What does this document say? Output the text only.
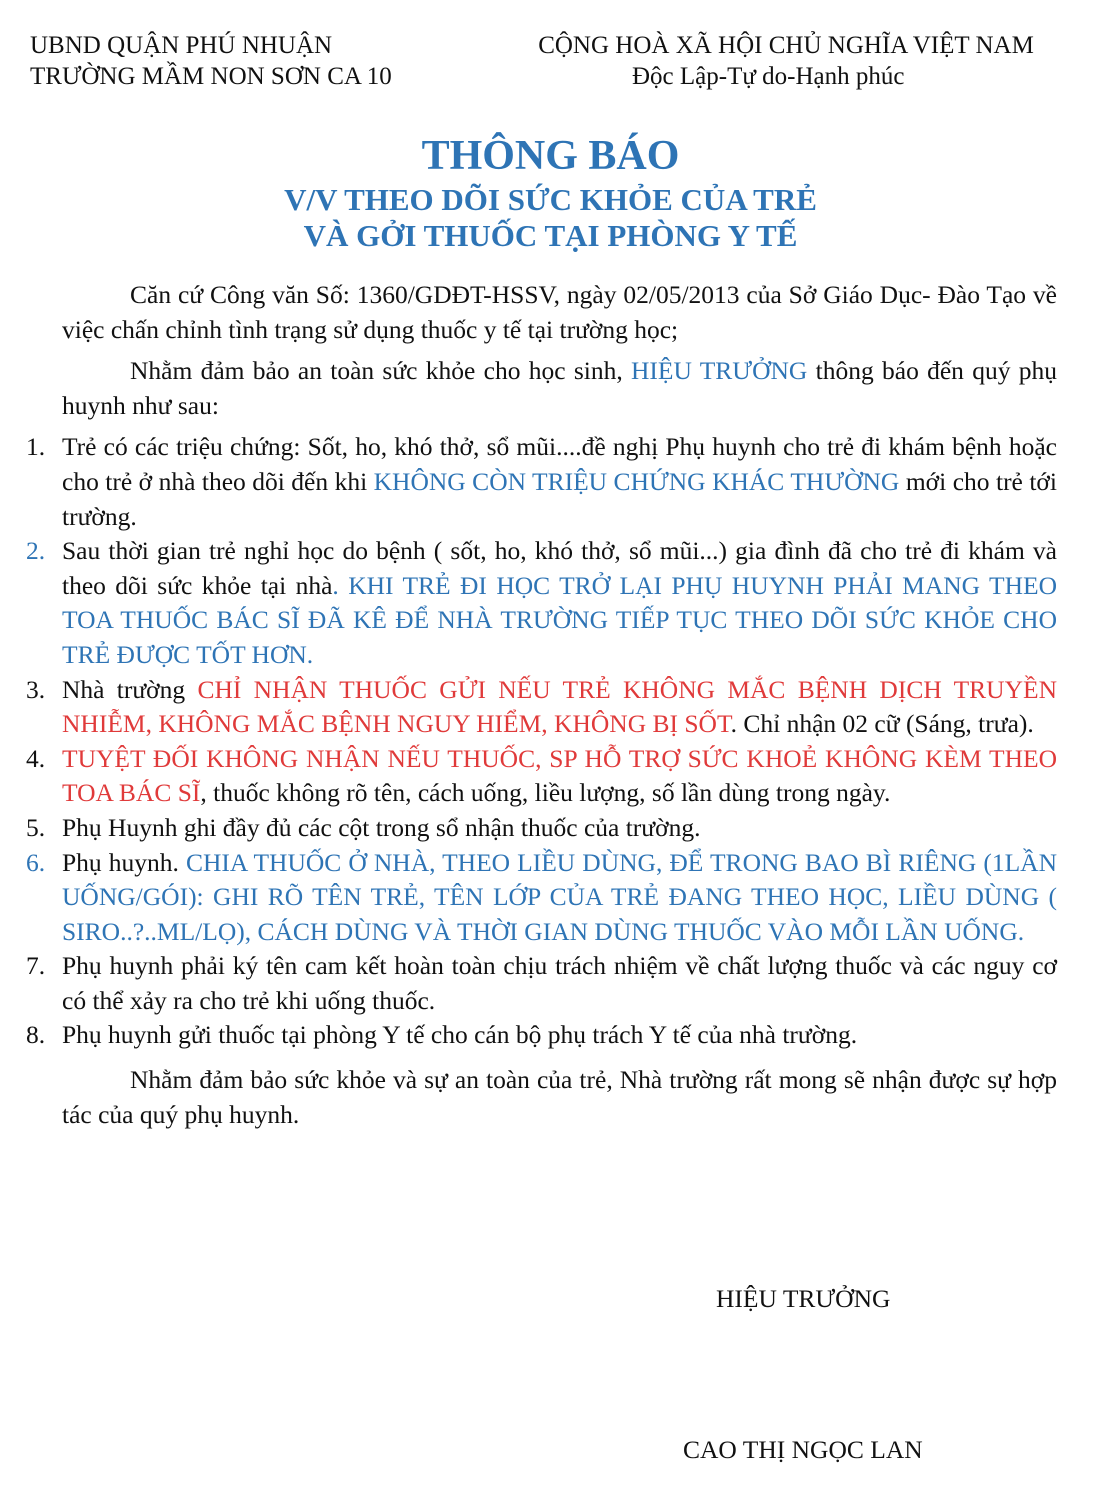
UBND QUẬN PHÚ NHUẬN
TRƯỜNG MẦM NON SƠN CA 10
CỘNG HOÀ XÃ HỘI CHỦ NGHĨA VIỆT NAM
Độc Lập-Tự do-Hạnh phúc
THÔNG BÁO
V/V THEO DÕI SỨC KHỎE CỦA TRẺ
VÀ GỞI THUỐC TẠI PHÒNG Y TẾ

Căn cứ Công văn Số: 1360/GDĐT-HSSV, ngày 02/05/2013 của Sở Giáo Dục- Đào Tạo về việc chấn chỉnh tình trạng sử dụng thuốc y tế tại trường học;

Nhằm đảm bảo an toàn sức khỏe cho học sinh, HIỆU TRƯỞNG thông báo đến quý phụ huynh như sau:

1. Trẻ có các triệu chứng: Sốt, ho, khó thở, sổ mũi....đề nghị Phụ huynh cho trẻ đi khám bệnh hoặc cho trẻ ở nhà theo dõi đến khi KHÔNG CÒN TRIỆU CHỨNG KHÁC THƯỜNG mới cho trẻ tới trường.
2. Sau thời gian trẻ nghỉ học do bệnh ( sốt, ho, khó thở, sổ mũi...) gia đình đã cho trẻ đi khám và theo dõi sức khỏe tại nhà. KHI TRẺ ĐI HỌC TRỞ LẠI PHỤ HUYNH PHẢI MANG THEO TOA THUỐC BÁC SĨ ĐÃ KÊ ĐỂ NHÀ TRƯỜNG TIẾP TỤC THEO DÕI SỨC KHỎE CHO TRẺ ĐƯỢC TỐT HƠN.
3. Nhà trường CHỈ NHẬN THUỐC GỬI NẾU TRẺ KHÔNG MẮC BỆNH DỊCH TRUYỀN NHIỄM, KHÔNG MẮC BỆNH NGUY HIỂM, KHÔNG BỊ SỐT. Chỉ nhận 02 cữ (Sáng, trưa).
4. TUYỆT ĐỐI KHÔNG NHẬN NẾU THUỐC, SP HỖ TRỢ SỨC KHOẺ KHÔNG KÈM THEO TOA BÁC SĨ, thuốc không rõ tên, cách uống, liều lượng, số lần dùng trong ngày.
5. Phụ Huynh ghi đầy đủ các cột trong sổ nhận thuốc của trường.
6. Phụ huynh. CHIA THUỐC Ở NHÀ, THEO LIỀU DÙNG, ĐỂ TRONG BAO BÌ RIÊNG (1LẦN UỐNG/GÓI): GHI RÕ TÊN TRẺ, TÊN LỚP CỦA TRẺ ĐANG THEO HỌC, LIỀU DÙNG ( SIRO..?..ML/LỌ), CÁCH DÙNG VÀ THỜI GIAN DÙNG THUỐC VÀO MỖI LẦN UỐNG.
7. Phụ huynh phải ký tên cam kết hoàn toàn chịu trách nhiệm về chất lượng thuốc và các nguy cơ có thể xảy ra cho trẻ khi uống thuốc.
8. Phụ huynh gửi thuốc tại phòng Y tế cho cán bộ phụ trách Y tế của nhà trường.

Nhằm đảm bảo sức khỏe và sự an toàn của trẻ, Nhà trường rất mong sẽ nhận được sự hợp tác của quý phụ huynh.

HIỆU TRƯỞNG
CAO THỊ NGỌC LAN
